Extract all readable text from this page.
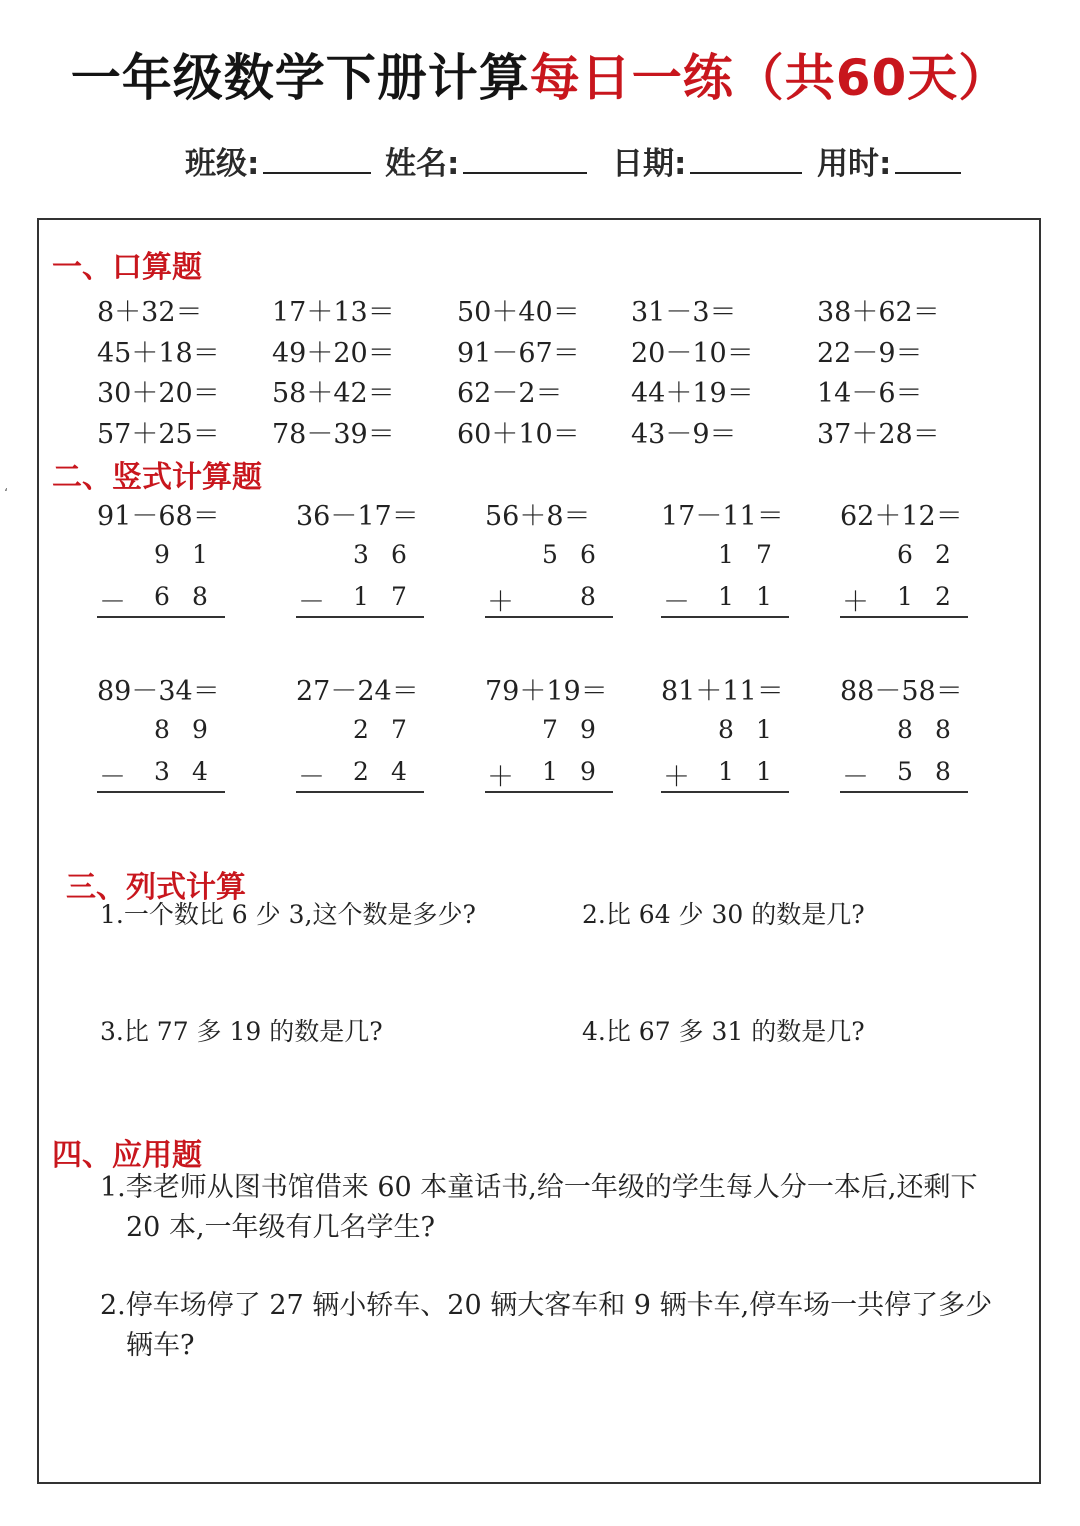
一年级数学下册计算每日一练（共60天）
班级:	姓名:	日期:	用时:
،
一、口算题
8＋32＝	17＋13＝ 50＋40＝ 31－3＝	38＋62＝
45＋18＝ 49＋20＝ 91－67＝ 20－10＝ 22－9＝
30＋20＝ 58＋42＝ 62－2＝	44＋19＝ 14－6＝
57＋25＝ 78－39＝ 60＋10＝ 43－9＝	37＋28＝
二、竖式计算题
91－68＝
9 1
－ 6 8
36－17＝
3 6
－ 1 7
56＋8＝
5 6
＋	8
17－11＝
1 7
－ 1 1
62＋12＝
6 2
＋ 1 2
89－34＝
8 9
－ 3 4
27－24＝
2 7
－ 2 4
79＋19＝
7 9
＋ 1 9
81＋11＝
8 1
＋ 1 1
88－58＝
8 8
－ 5 8
三、列式计算
1.一个数比 6 少 3,这个数是多少?	2.比 64 少 30 的数是几?
3.比 77 多 19 的数是几?	4.比 67 多 31 的数是几?
四、应用题
1.李老师从图书馆借来 60 本童话书,给一年级的学生每人分一本后,还剩下 20 本,一年级有几名学生?
2.停车场停了 27 辆小轿车、20 辆大客车和 9 辆卡车,停车场一共停了多少辆车?
